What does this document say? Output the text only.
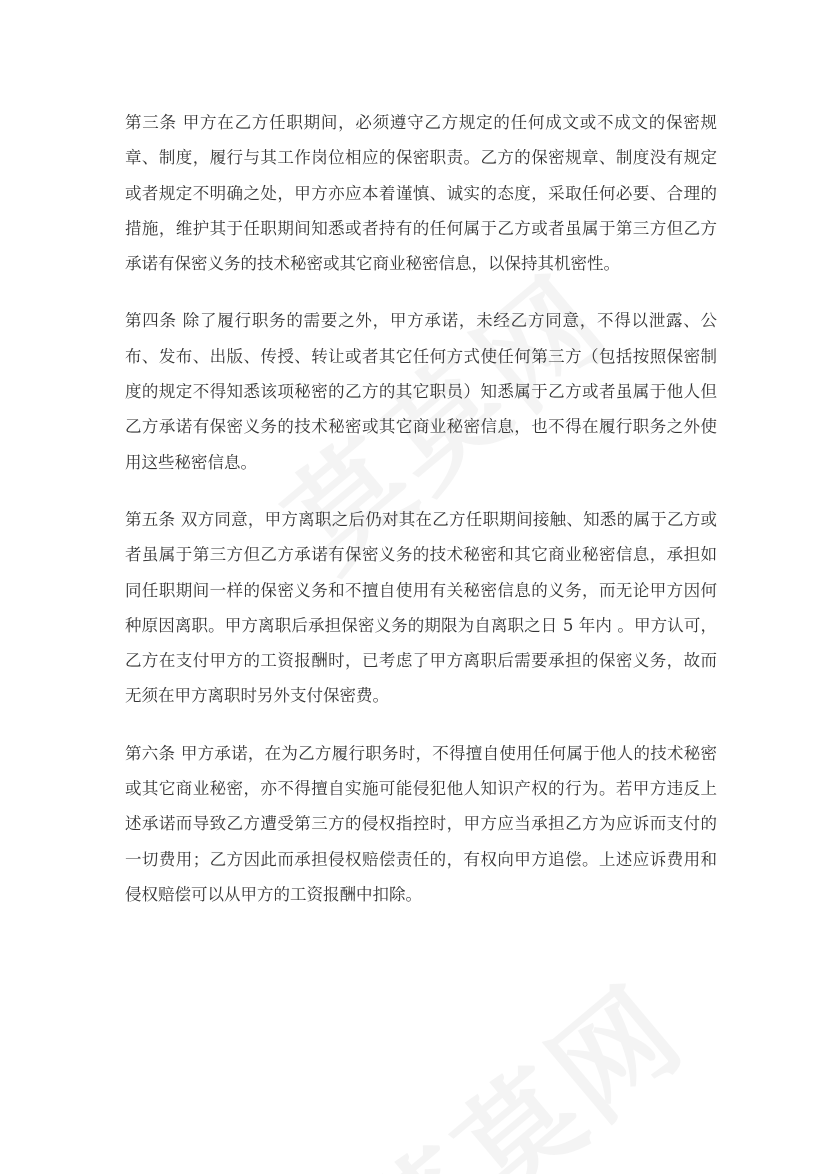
第三条 甲方在乙方任职期间，必须遵守乙方规定的任何成文或不成文的保密规章、制度，履行与其工作岗位相应的保密职责。乙方的保密规章、制度没有规定或者规定不明确之处，甲方亦应本着谨慎、诚实的态度，采取任何必要、合理的措施，维护其于任职期间知悉或者持有的任何属于乙方或者虽属于第三方但乙方承诺有保密义务的技术秘密或其它商业秘密信息，以保持其机密性。

第四条 除了履行职务的需要之外，甲方承诺，未经乙方同意，不得以泄露、公布、发布、出版、传授、转让或者其它任何方式使任何第三方（包括按照保密制度的规定不得知悉该项秘密的乙方的其它职员）知悉属于乙方或者虽属于他人但乙方承诺有保密义务的技术秘密或其它商业秘密信息，也不得在履行职务之外使用这些秘密信息。

第五条 双方同意，甲方离职之后仍对其在乙方任职期间接触、知悉的属于乙方或者虽属于第三方但乙方承诺有保密义务的技术秘密和其它商业秘密信息，承担如同任职期间一样的保密义务和不擅自使用有关秘密信息的义务，而无论甲方因何种原因离职。甲方离职后承担保密义务的期限为自离职之日 5 年内 。甲方认可，乙方在支付甲方的工资报酬时，已考虑了甲方离职后需要承担的保密义务，故而无须在甲方离职时另外支付保密费。

第六条 甲方承诺，在为乙方履行职务时，不得擅自使用任何属于他人的技术秘密或其它商业秘密，亦不得擅自实施可能侵犯他人知识产权的行为。若甲方违反上述承诺而导致乙方遭受第三方的侵权指控时，甲方应当承担乙方为应诉而支付的一切费用；乙方因此而承担侵权赔偿责任的，有权向甲方追偿。上述应诉费用和侵权赔偿可以从甲方的工资报酬中扣除。
